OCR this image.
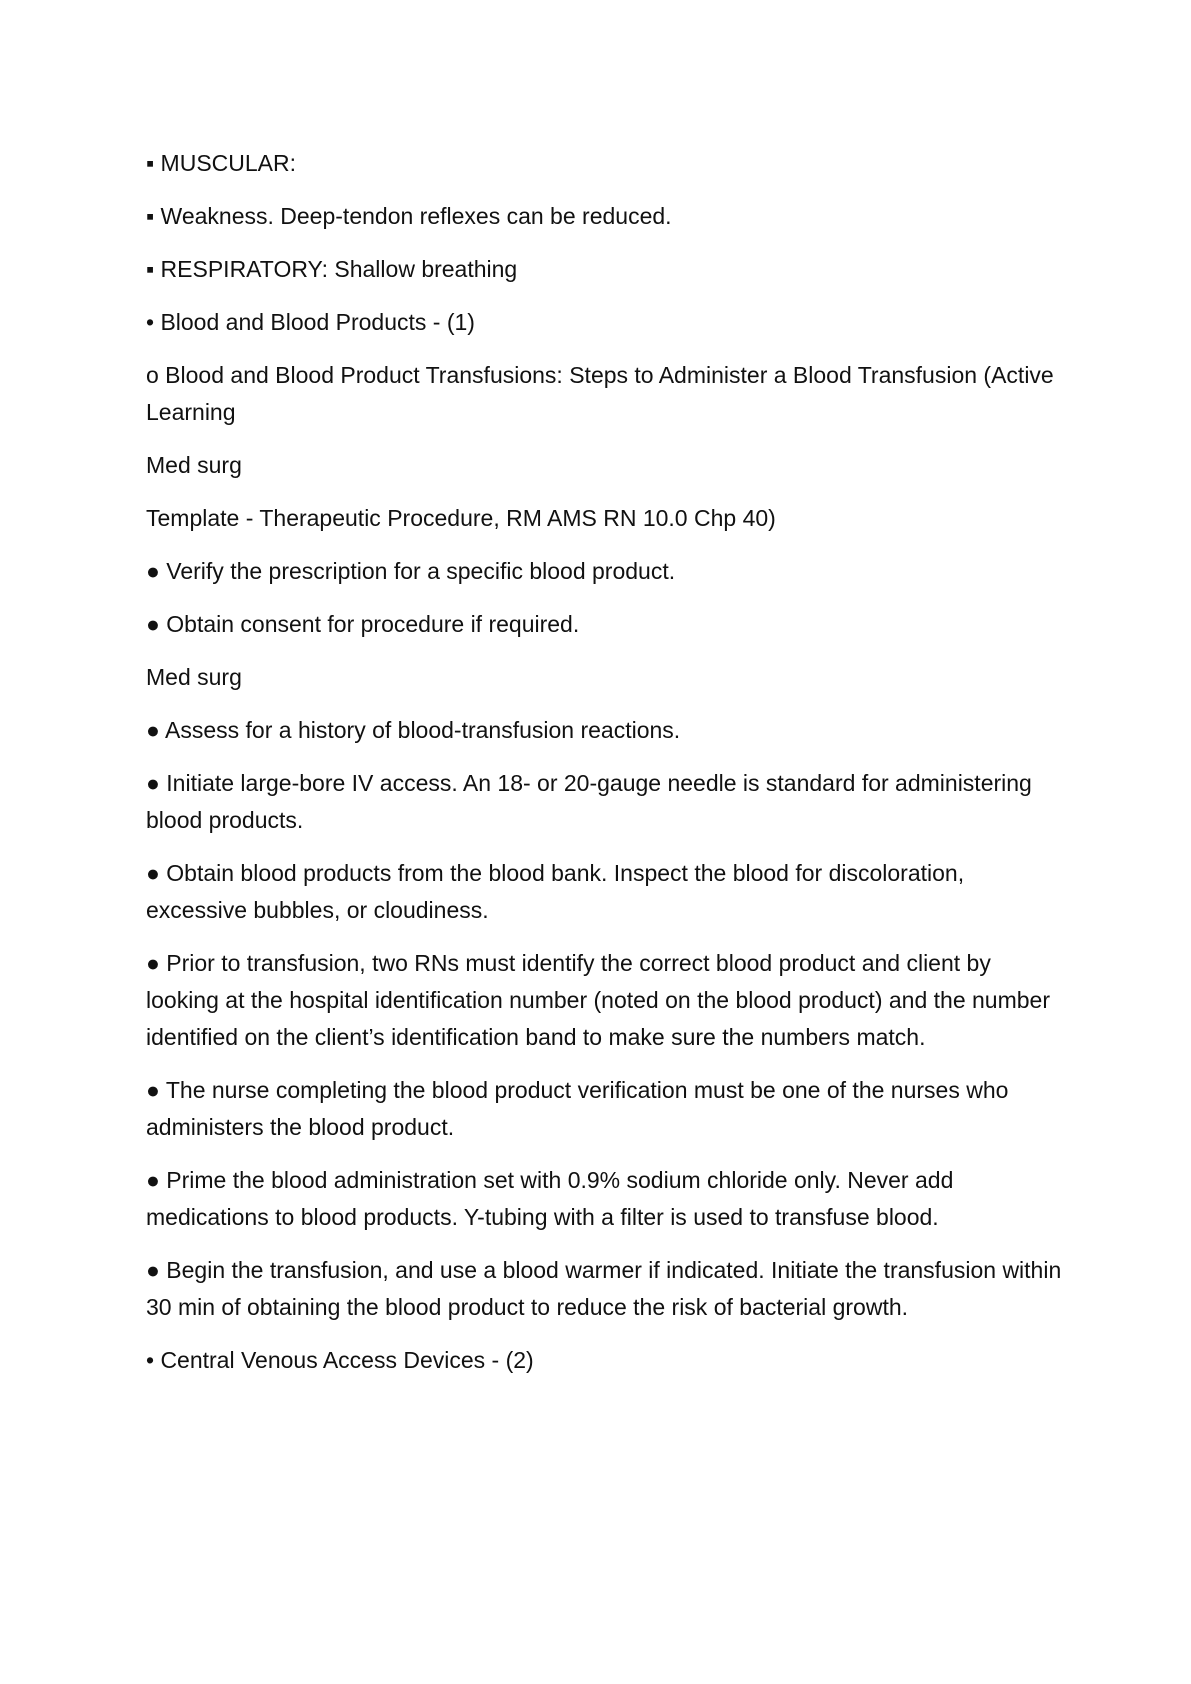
▪ MUSCULAR:

▪ Weakness. Deep-tendon reflexes can be reduced.

▪ RESPIRATORY: Shallow breathing

• Blood and Blood Products - (1)

o Blood and Blood Product Transfusions: Steps to Administer a Blood Transfusion (Active Learning

Med surg

Template - Therapeutic Procedure, RM AMS RN 10.0 Chp 40)

● Verify the prescription for a specific blood product.

● Obtain consent for procedure if required.

Med surg

● Assess for a history of blood-transfusion reactions.

● Initiate large-bore IV access. An 18- or 20-gauge needle is standard for administering blood products.

● Obtain blood products from the blood bank. Inspect the blood for discoloration, excessive bubbles, or cloudiness.

● Prior to transfusion, two RNs must identify the correct blood product and client by looking at the hospital identification number (noted on the blood product) and the number identified on the client’s identification band to make sure the numbers match.

● The nurse completing the blood product verification must be one of the nurses who administers the blood product.

● Prime the blood administration set with 0.9% sodium chloride only. Never add medications to blood products. Y-tubing with a filter is used to transfuse blood.

● Begin the transfusion, and use a blood warmer if indicated. Initiate the transfusion within 30 min of obtaining the blood product to reduce the risk of bacterial growth.

• Central Venous Access Devices - (2)
